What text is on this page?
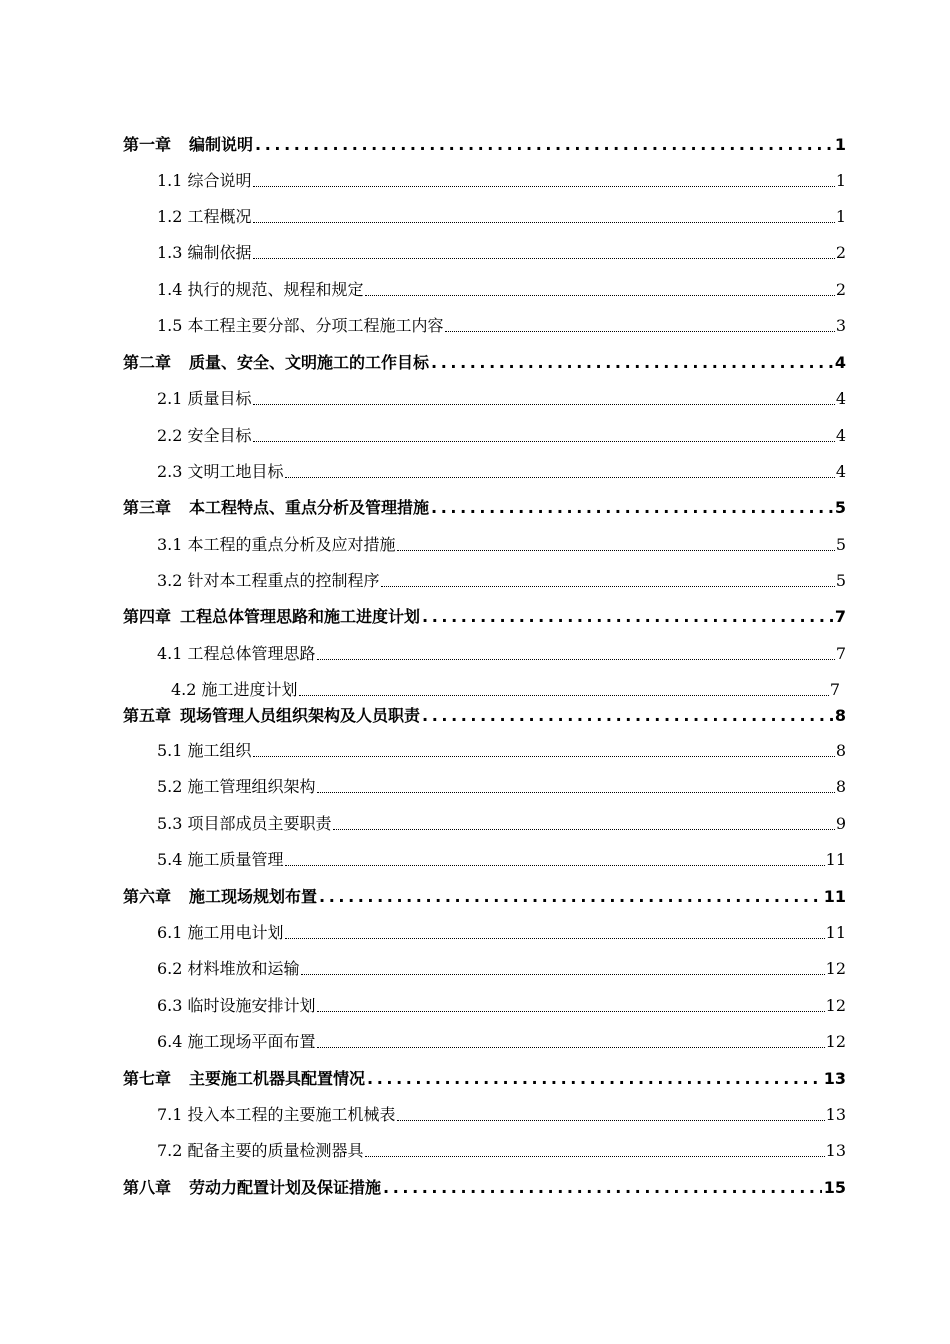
第一章 编制说明 .....	1
1.1 综合说明	1
1.2 工程概况	1
1.3 编制依据	2
1.4 执行的规范、规程和规定	2
1.5 本工程主要分部、分项工程施工内容	3
第二章 质量、安全、文明施工的工作目标 .....	4
2.1 质量目标	4
2.2 安全目标	4
2.3 文明工地目标	4
第三章 本工程特点、重点分析及管理措施 .....	5
3.1 本工程的重点分析及应对措施	5
3.2 针对本工程重点的控制程序	5
第四章 工程总体管理思路和施工进度计划 .....	7
4.1 工程总体管理思路	7
4.2 施工进度计划	7
第五章 现场管理人员组织架构及人员职责 .....	8
5.1 施工组织	8
5.2 施工管理组织架构	8
5.3 项目部成员主要职责	9
5.4 施工质量管理	11
第六章 施工现场规划布置 .....	11
6.1 施工用电计划	11
6.2 材料堆放和运输	12
6.3 临时设施安排计划	12
6.4 施工现场平面布置	12
第七章 主要施工机器具配置情况 .....	13
7.1 投入本工程的主要施工机械表	13
7.2 配备主要的质量检测器具	13
第八章 劳动力配置计划及保证措施 .....	15
